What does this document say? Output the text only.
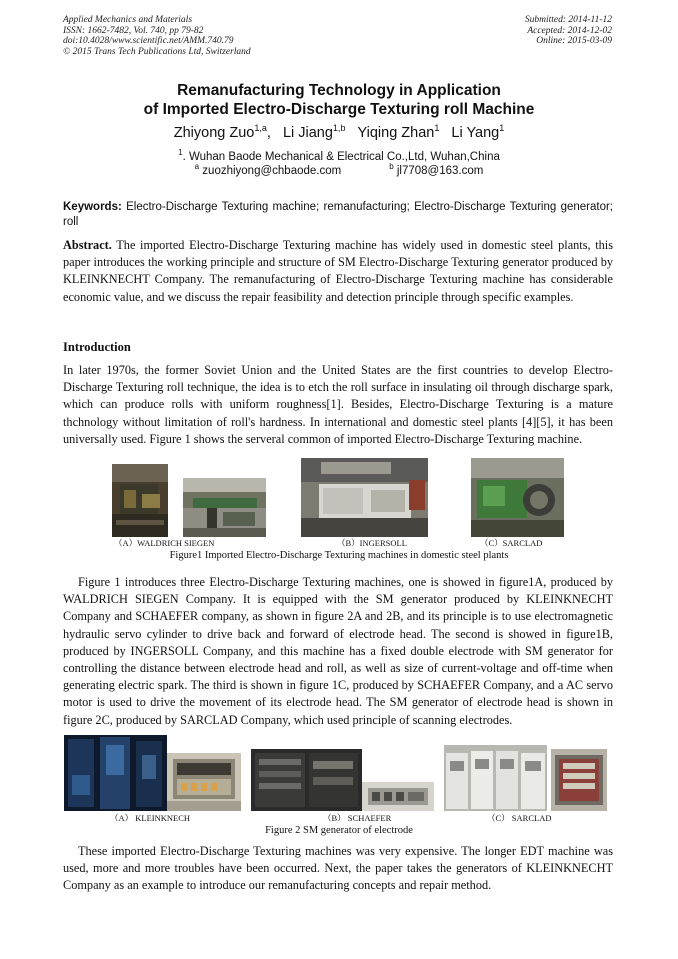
Applied Mechanics and Materials
ISSN: 1662-7482, Vol. 740, pp 79-82
doi:10.4028/www.scientific.net/AMM.740.79
© 2015 Trans Tech Publications Ltd, Switzerland
Submitted: 2014-11-12
Accepted: 2014-12-02
Online: 2015-03-09
Remanufacturing Technology in Application
of Imported Electro-Discharge Texturing roll Machine
Zhiyong Zuo$^{1,a}$, Li Jiang$^{1,b}$ Yiqing Zhan$^1$ Li Yang$^1$
$^1$. Wuhan Baode Mechanical & Electrical Co.,Ltd, Wuhan,China
$^a$ zuozhiyong@chbaode.com	$^b$ jl7708@163.com
Keywords: Electro-Discharge Texturing machine; remanufacturing; Electro-Discharge Texturing generator; roll
Abstract. The imported Electro-Discharge Texturing machine has widely used in domestic steel plants, this paper introduces the working principle and structure of SM Electro-Discharge Texturing generator produced by KLEINKNECHT Company. The remanufacturing of Electro-Discharge Texturing machine has considerable economic value, and we discuss the repair feasibility and detection principle through specific examples.
Introduction
In later 1970s, the former Soviet Union and the United States are the first countries to develop Electro-Discharge Texturing roll technique, the idea is to etch the roll surface in insulating oil through discharge spark, which can produce rolls with uniform roughness[1]. Besides, Electro-Discharge Texturing is a mature thchnology without limitation of roll's hardness. In international and domestic steel plants [4][5], it has been universally used. Figure 1 shows the serveral common of imported Electro-Discharge Texturing machine.
（A）WALDRICH SIEGEN	（B）INGERSOLL	（C）SARCLAD
Figure1 Imported Electro-Discharge Texturing machines in domestic steel plants
Figure 1 introduces three Electro-Discharge Texturing machines, one is showed in figure1A, produced by WALDRICH SIEGEN Company. It is equipped with the SM generator produced by KLEINKNECHT Company and SCHAEFER company, as shown in figure 2A and 2B, and its principle is to use electromagnetic hydraulic servo cylinder to drive back and forward of electrode head. The second is showed in figure1B, produced by INGERSOLL Company, and this machine has a fixed double electrode with SM generator for controlling the distance between electrode head and roll, as well as size of current-voltage and off-time when generating electric spark. The third is shown in figure 1C, produced by SCHAEFER Company, and a AC servo motor is used to drive the movement of its electrode head. The SM generator of electrode head is shown in figure 2C, produced by SARCLAD Company, which used principle of scanning electrodes.
（A） KLEINKNECH	（B） SCHAEFER	（C） SARCLAD
Figure 2 SM generator of electrode
These imported Electro-Discharge Texturing machines was very expensive. The longer EDT machine was used, more and more troubles have been occurred. Next, the paper takes the generators of KLEINKNECHT Company as an example to introduce our remanufacturing concepts and repair method.
